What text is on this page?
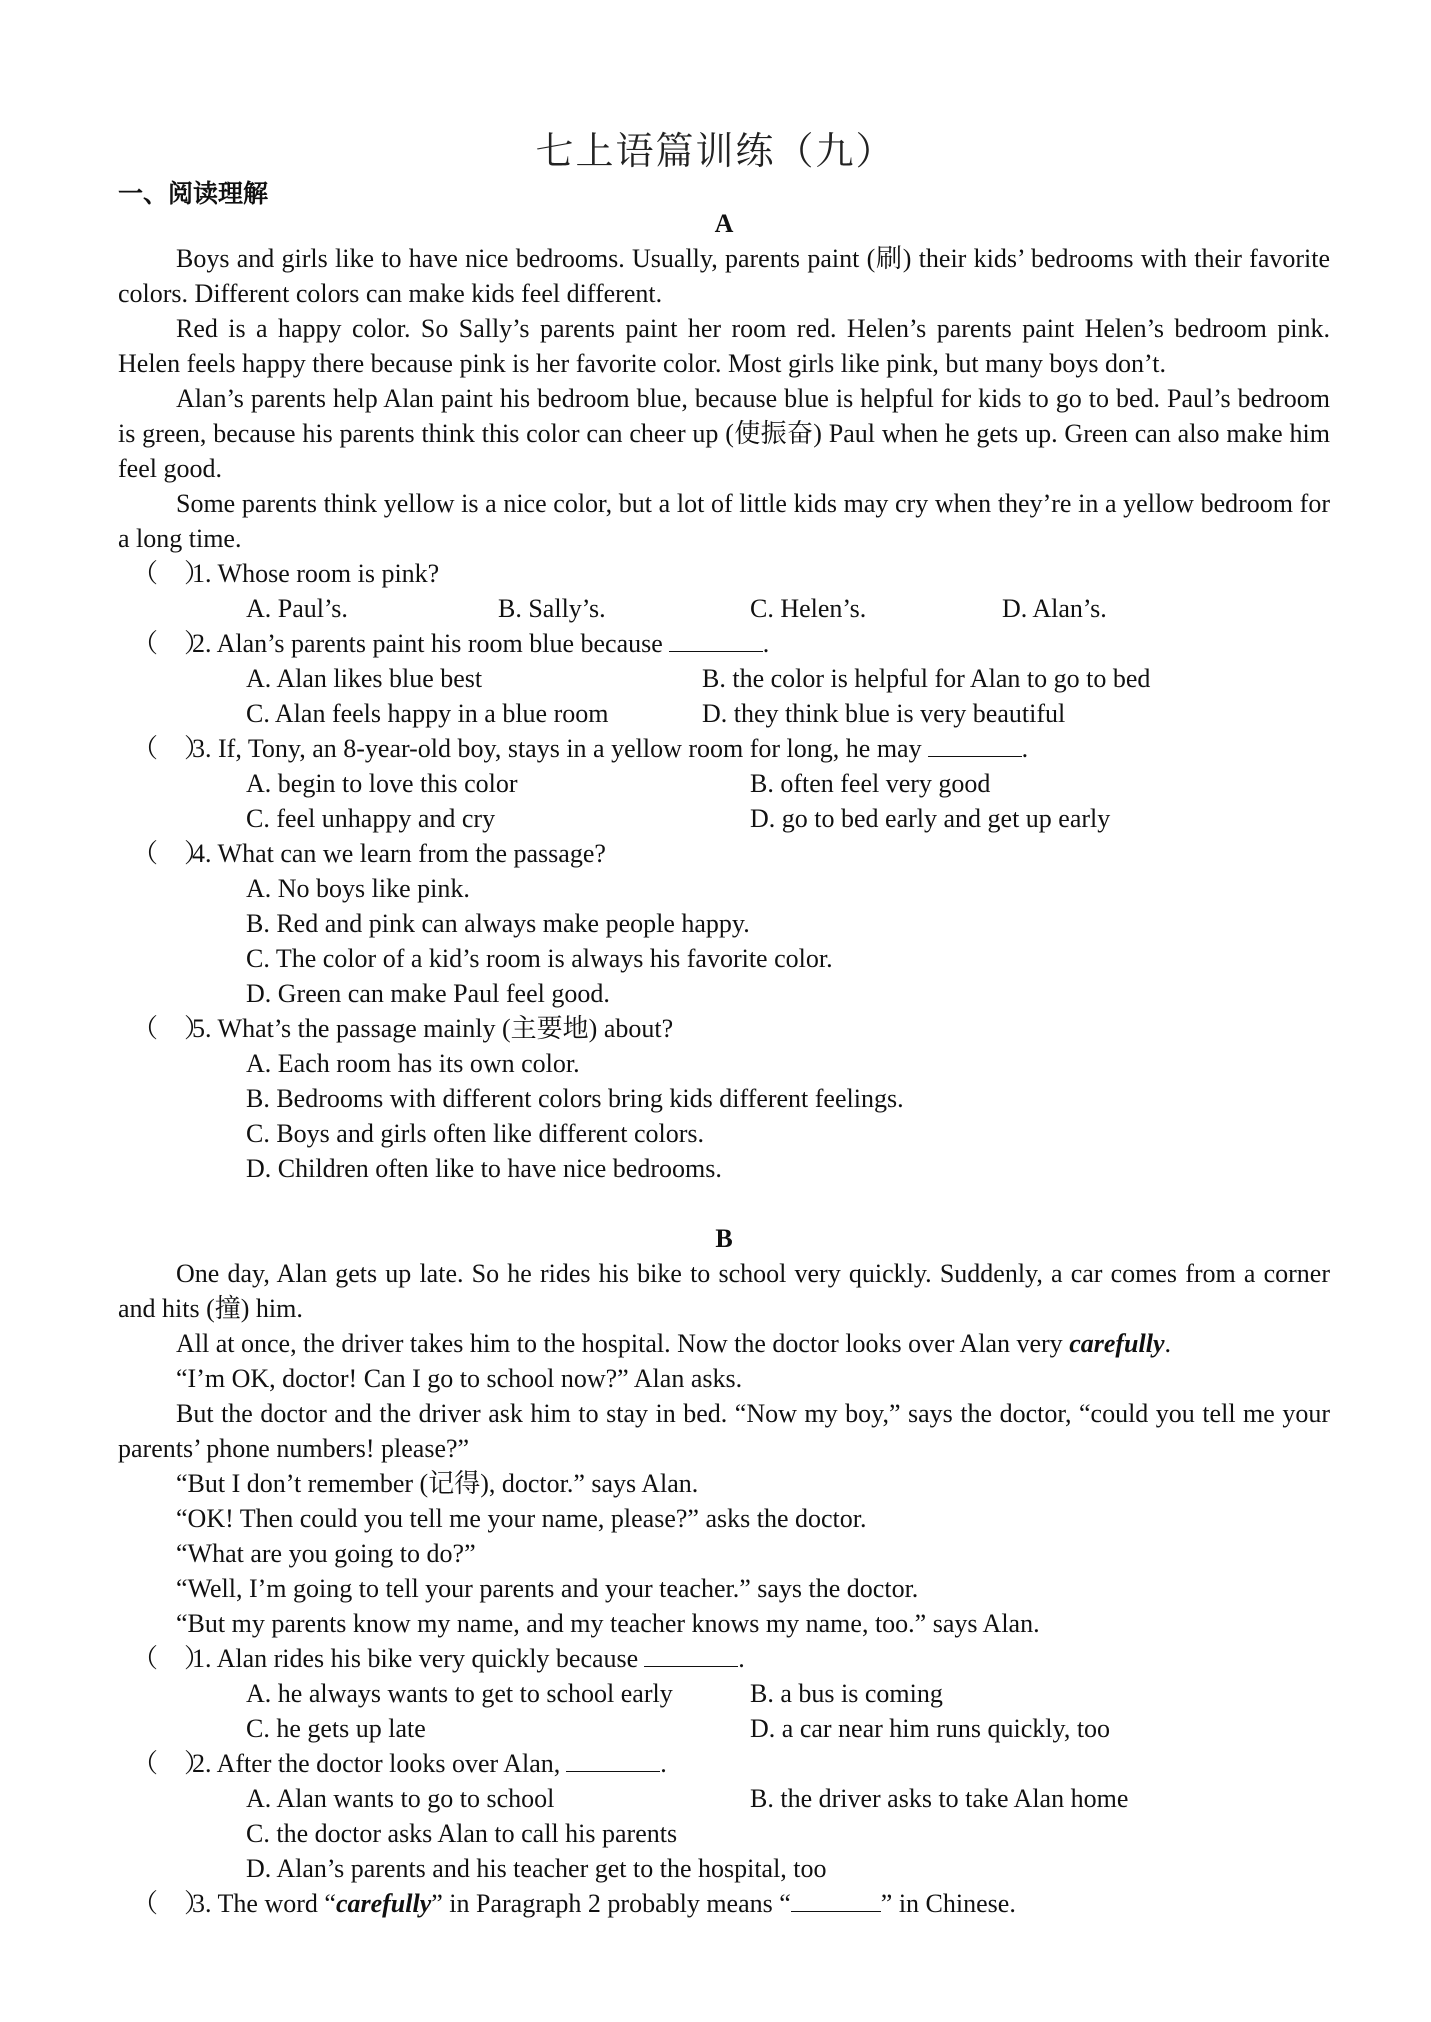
七上语篇训练（九）
一、阅读理解
A

Boys and girls like to have nice bedrooms. Usually, parents paint (刷) their kids’ bedrooms with their favorite colors. Different colors can make kids feel different.

Red is a happy color. So Sally’s parents paint her room red. Helen’s parents paint Helen’s bedroom pink. Helen feels happy there because pink is her favorite color. Most girls like pink, but many boys don’t.

Alan’s parents help Alan paint his bedroom blue, because blue is helpful for kids to go to bed. Paul’s bedroom is green, because his parents think this color can cheer up (使振奋) Paul when he gets up. Green can also make him feel good.

Some parents think yellow is a nice color, but a lot of little kids may cry when they’re in a yellow bedroom for a long time.

（　）1. Whose room is pink?
A. Paul’s.	B. Sally’s.	C. Helen’s.	D. Alan’s.
（　）2. Alan’s parents paint his room blue because	.
A. Alan likes blue best	B. the color is helpful for Alan to go to bed
C. Alan feels happy in a blue room	D. they think blue is very beautiful
（　）3. If, Tony, an 8-year-old boy, stays in a yellow room for long, he may	.
A. begin to love this color	B. often feel very good
C. feel unhappy and cry	D. go to bed early and get up early
（　）4. What can we learn from the passage?
A. No boys like pink.
B. Red and pink can always make people happy.
C. The color of a kid’s room is always his favorite color.
D. Green can make Paul feel good.
（　）5. What’s the passage mainly (主要地) about?
A. Each room has its own color.
B. Bedrooms with different colors bring kids different feelings.
C. Boys and girls often like different colors.
D. Children often like to have nice bedrooms.
B

One day, Alan gets up late. So he rides his bike to school very quickly. Suddenly, a car comes from a corner and hits (撞) him.

All at once, the driver takes him to the hospital. Now the doctor looks over Alan very carefully.

“I’m OK, doctor! Can I go to school now?” Alan asks.

But the doctor and the driver ask him to stay in bed. “Now my boy,” says the doctor, “could you tell me your parents’ phone numbers! please?”

“But I don’t remember (记得), doctor.” says Alan.

“OK! Then could you tell me your name, please?” asks the doctor.

“What are you going to do?”

“Well, I’m going to tell your parents and your teacher.” says the doctor.

“But my parents know my name, and my teacher knows my name, too.” says Alan.

（　）1. Alan rides his bike very quickly because	.
A. he always wants to get to school early	B. a bus is coming
C. he gets up late	D. a car near him runs quickly, too
（　）2. After the doctor looks over Alan,	.
A. Alan wants to go to school	B. the driver asks to take Alan home
C. the doctor asks Alan to call his parents
D. Alan’s parents and his teacher get to the hospital, too
（　）3. The word “carefully” in Paragraph 2 probably means “	” in Chinese.
